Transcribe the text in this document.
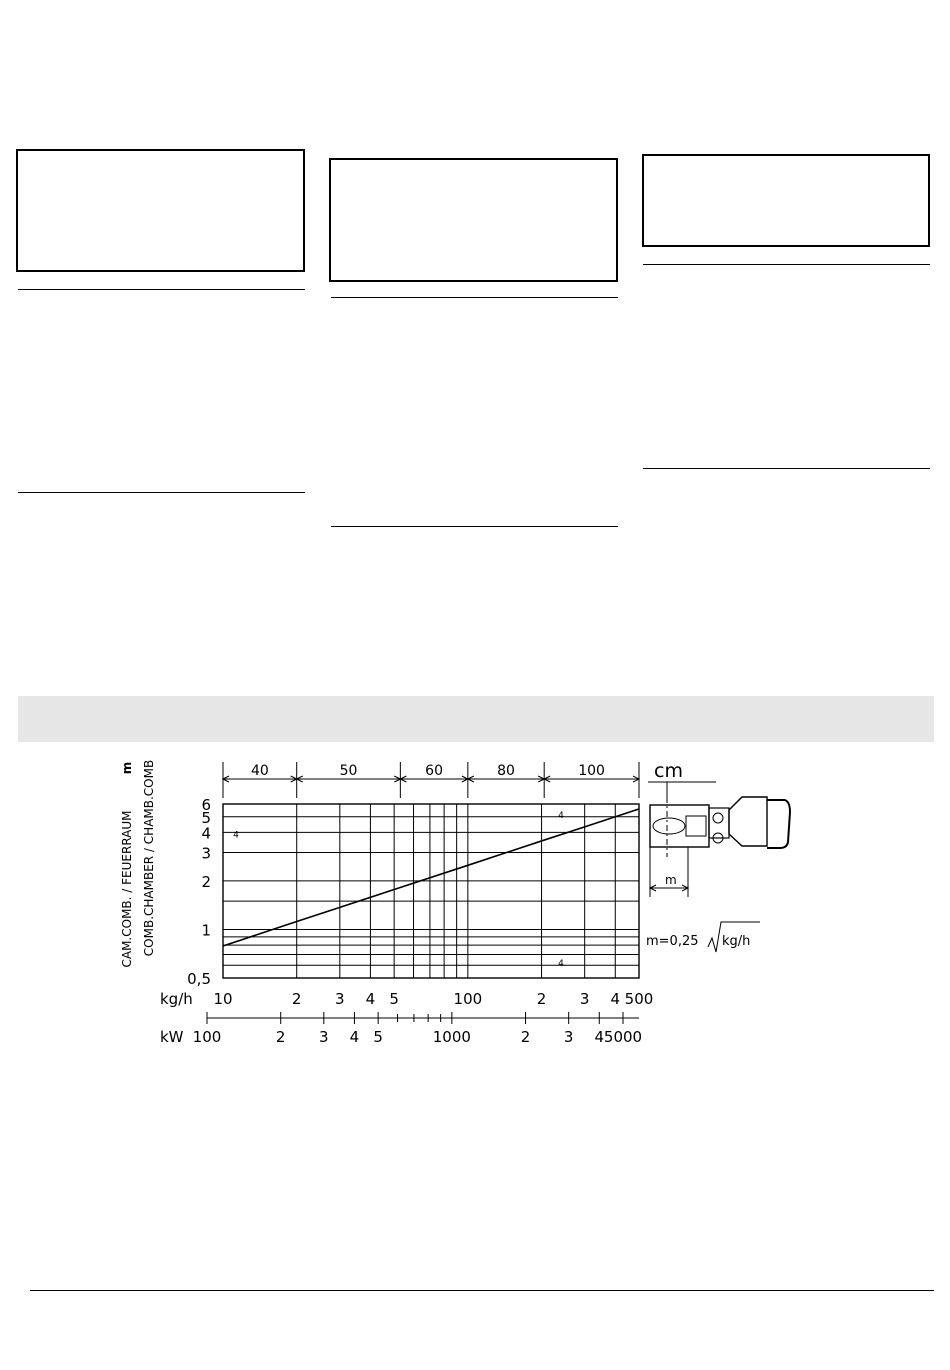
40	50	60	80	100
0,5
1
2
3
4
5
6
10	2 3 4 5	100	2 3 4 500
100	2 3 4 5	1000	2 3 4 5000
4
4
4
m
CAM.COMB. / FEUERRAUM COMB.CHAMBER / CHAMB.COMB
kg/h
kW
cm
m=0,25 kg/h
m
